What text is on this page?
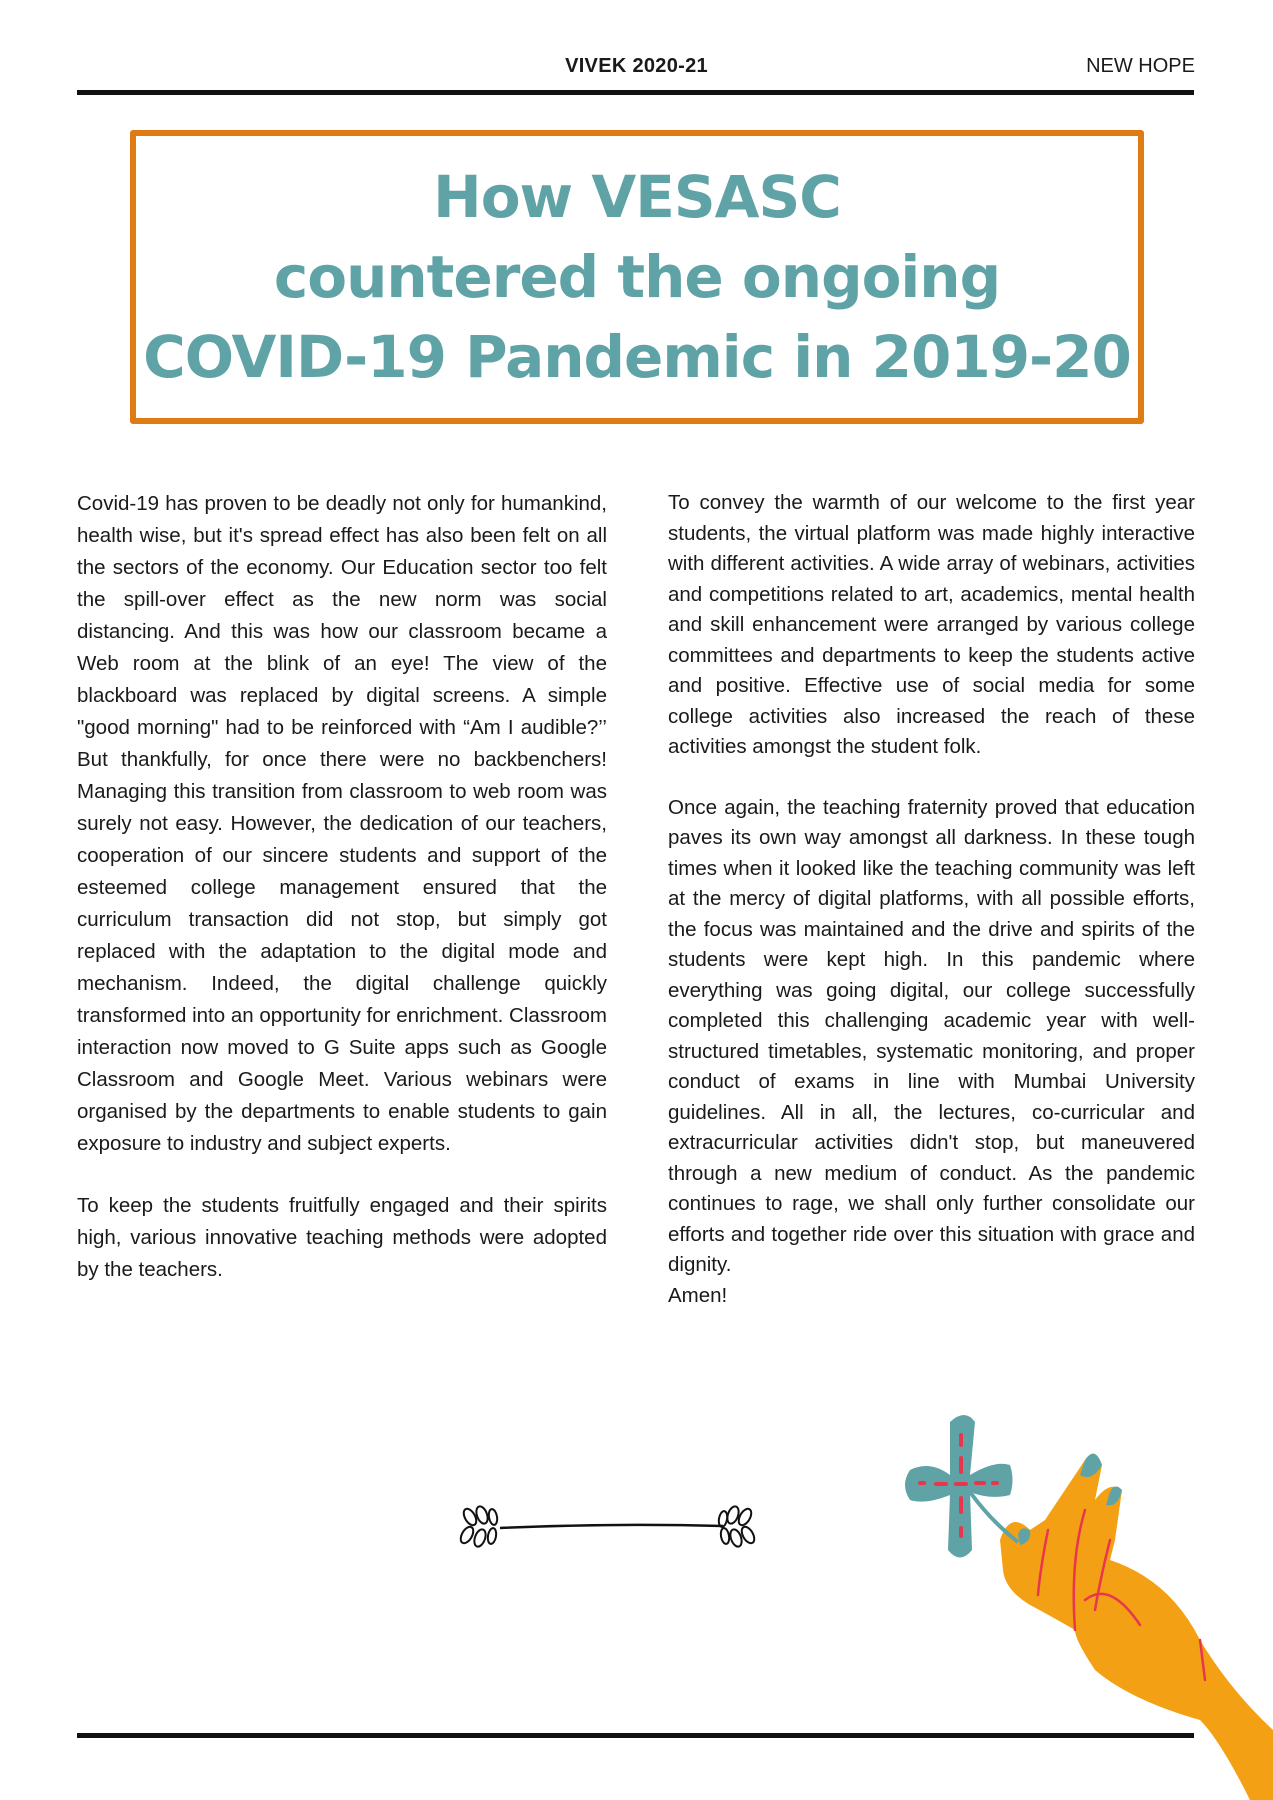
VIVEK 2020-21	NEW HOPE
How VESASC
countered the ongoing
COVID-19 Pandemic in 2019-20

Covid-19 has proven to be deadly not only for humankind, health wise, but it's spread effect has also been felt on all the sectors of the economy. Our Education sector too felt the spill-over effect as the new norm was social distancing. And this was how our classroom became a Web room at the blink of an eye! The view of the blackboard was replaced by digital screens. A simple "good morning" had to be reinforced with “Am I audible?’’ But thankfully, for once there were no backbenchers! Managing this transition from classroom to web room was surely not easy. However, the dedication of our teachers, cooperation of our sincere students and support of the esteemed college management ensured that the curriculum transaction did not stop, but simply got replaced with the adaptation to the digital mode and mechanism. Indeed, the digital challenge quickly transformed into an opportunity for enrichment. Classroom interaction now moved to G Suite apps such as Google Classroom and Google Meet. Various webinars were organised by the departments to enable students to gain exposure to industry and subject experts.

To keep the students fruitfully engaged and their spirits high, various innovative teaching methods were adopted by the teachers.

To convey the warmth of our welcome to the first year students, the virtual platform was made highly interactive with different activities. A wide array of webinars, activities and competitions related to art, academics, mental health and skill enhancement were arranged by various college committees and departments to keep the students active and positive. Effective use of social media for some college activities also increased the reach of these activities amongst the student folk.

Once again, the teaching fraternity proved that education paves its own way amongst all darkness. In these tough times when it looked like the teaching community was left at the mercy of digital platforms, with all possible efforts, the focus was maintained and the drive and spirits of the students were kept high. In this pandemic where everything was going digital, our college successfully completed this challenging academic year with well-structured timetables, systematic monitoring, and proper conduct of exams in line with Mumbai University guidelines. All in all, the lectures, co-curricular and extracurricular activities didn't stop, but maneuvered through a new medium of conduct. As the pandemic continues to rage, we shall only further consolidate our efforts and together ride over this situation with grace and dignity.

Amen!
